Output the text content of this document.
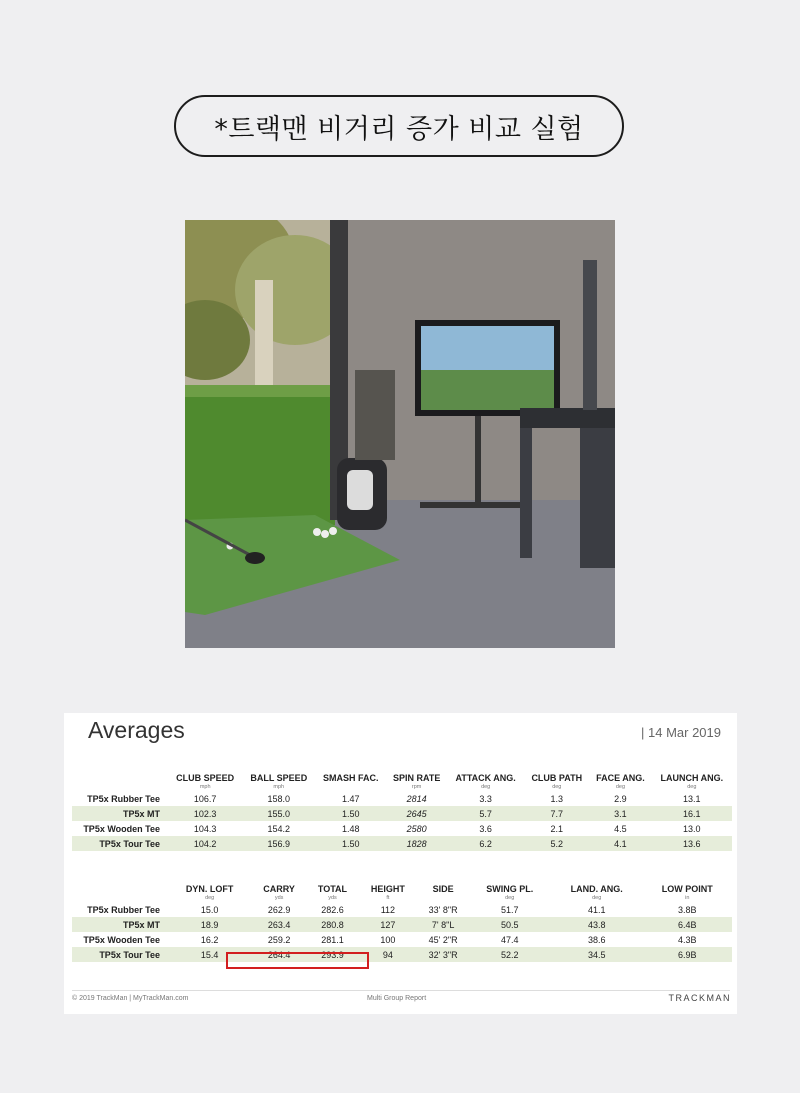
*트랙맨 비거리 증가 비교 실험
Averages	| 14 Mar 2019
	CLUB SPEED	BALL SPEED	SMASH FAC.	SPIN RATE	ATTACK ANG.	CLUB PATH	FACE ANG.	LAUNCH ANG.
	mph	mph		rpm	deg	deg	deg	deg
TP5x Rubber Tee	106.7	158.0	1.47	2814	3.3	1.3	2.9	13.1
TP5x MT	102.3	155.0	1.50	2645	5.7	7.7	3.1	16.1
TP5x Wooden Tee	104.3	154.2	1.48	2580	3.6	2.1	4.5	13.0
TP5x Tour Tee	104.2	156.9	1.50	1828	6.2	5.2	4.1	13.6
	DYN. LOFT	CARRY	TOTAL	HEIGHT	SIDE	SWING PL.	LAND. ANG.	LOW POINT
	deg	yds	yds	ft		deg	deg	in
TP5x Rubber Tee	15.0	262.9	282.6	112	33' 8"R	51.7	41.1	3.8B
TP5x MT	18.9	263.4	280.8	127	7' 8"L	50.5	43.8	6.4B
TP5x Wooden Tee	16.2	259.2	281.1	100	45' 2"R	47.4	38.6	4.3B
TP5x Tour Tee	15.4	264.4	293.9	94	32' 3"R	52.2	34.5	6.9B
© 2019 TrackMan | MyTrackMan.com	Multi Group Report	TRACKMAN
